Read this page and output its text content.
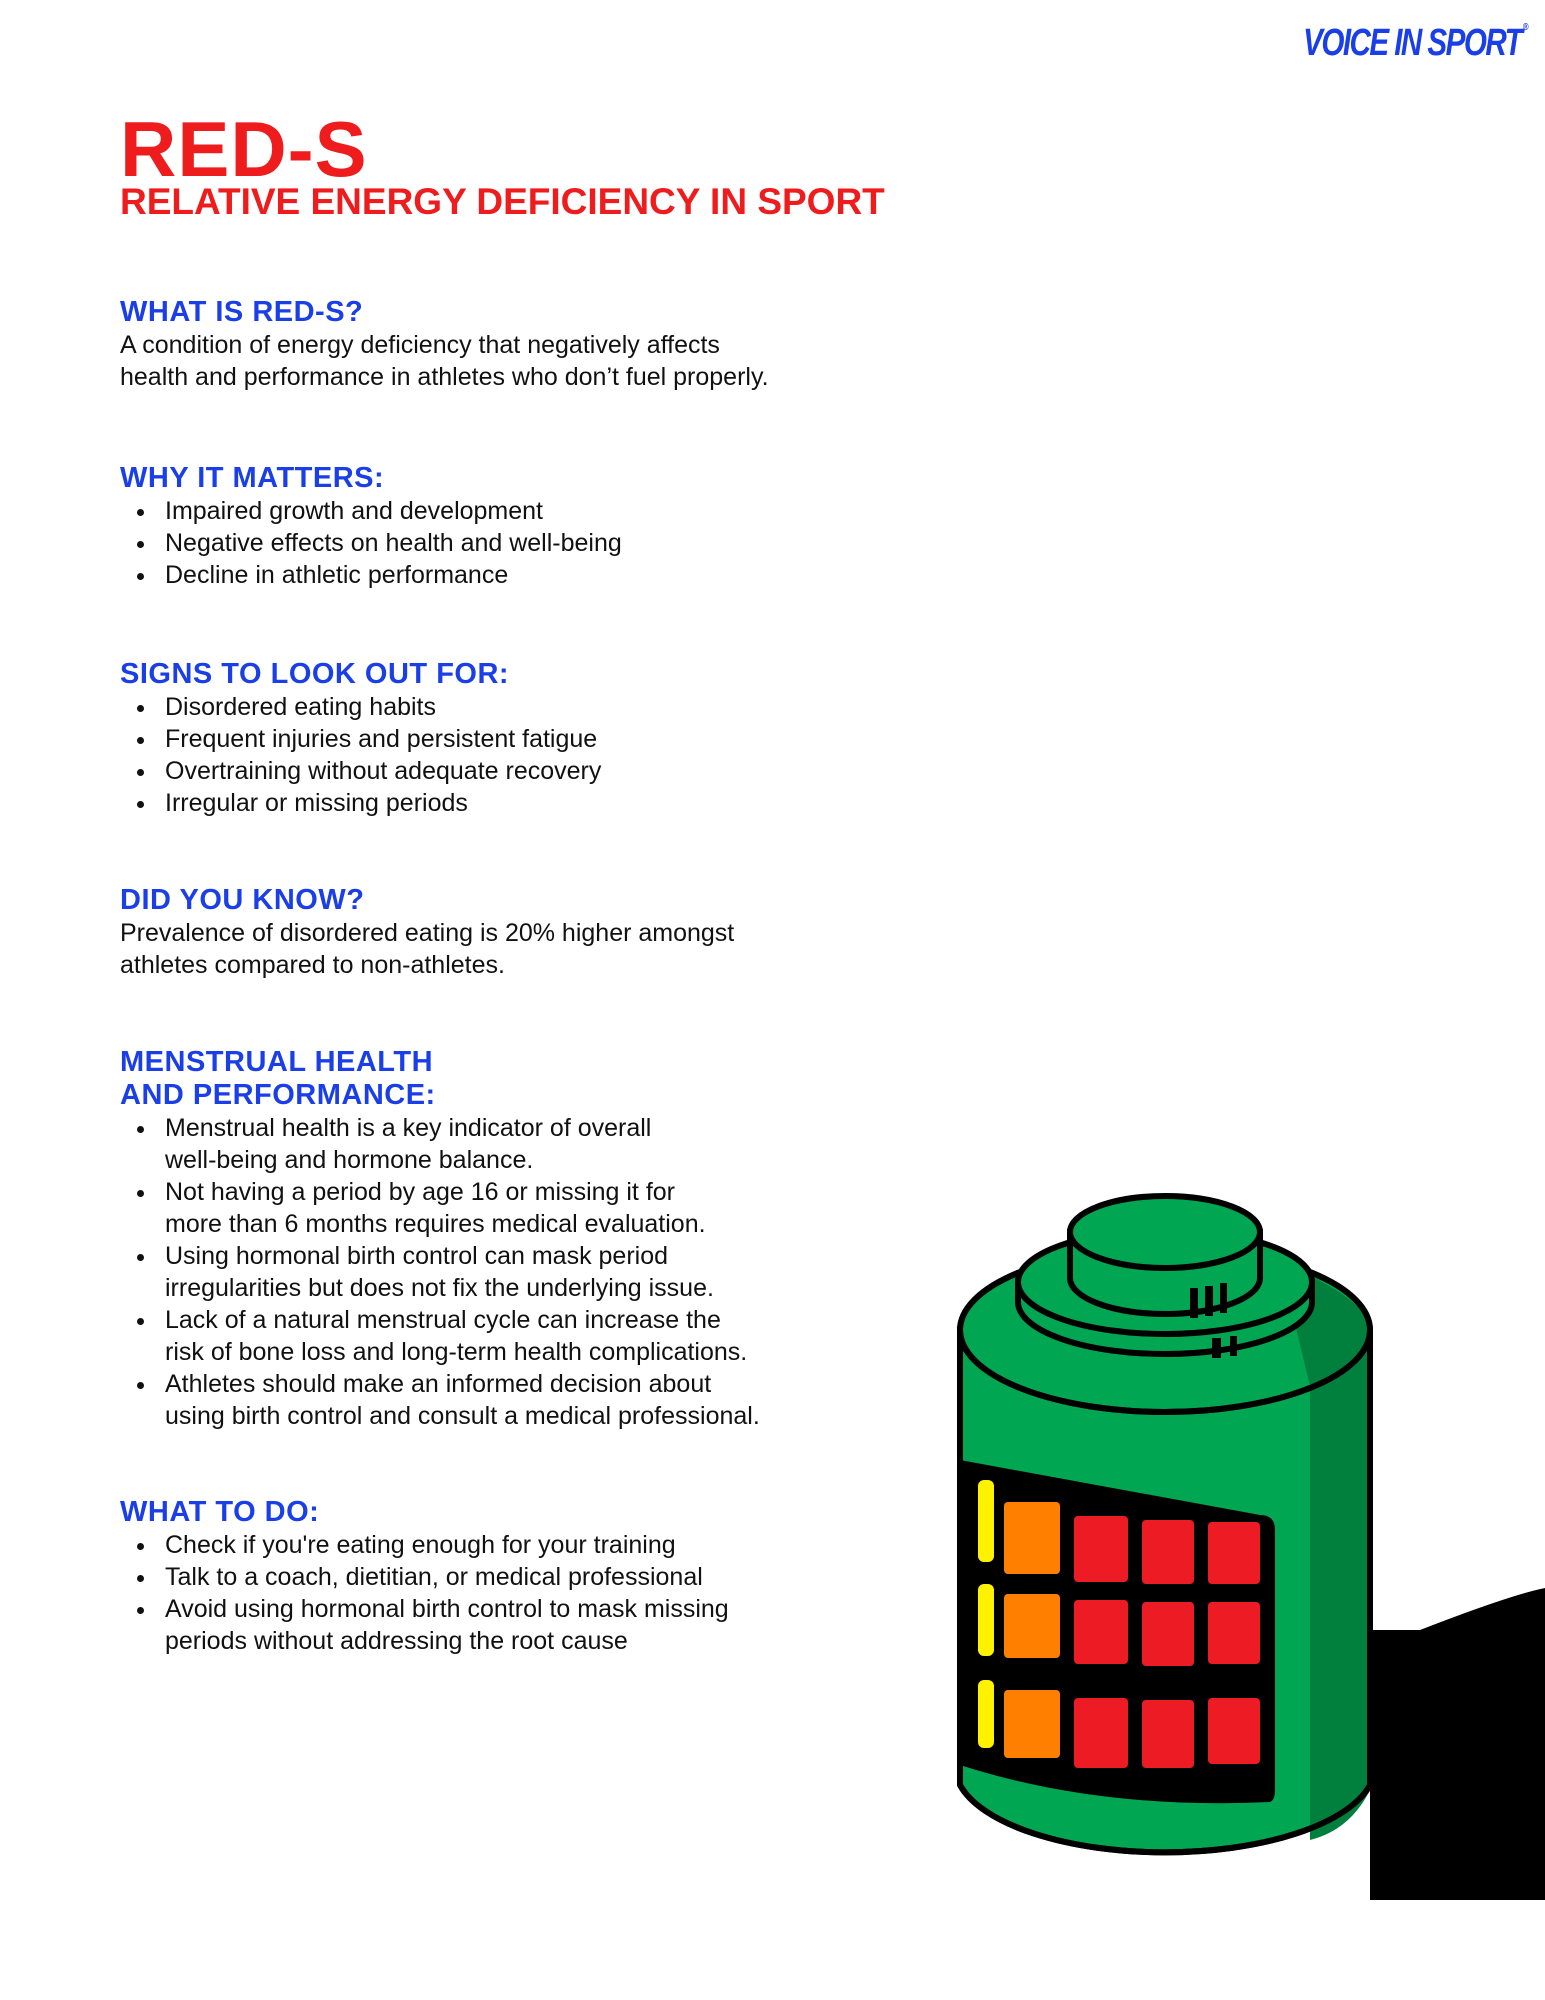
VOICE IN SPORT ®
RED-S
RELATIVE ENERGY DEFICIENCY IN SPORT
WHAT IS RED-S?

A condition of energy deficiency that negatively affects

health and performance in athletes who don’t fuel properly.

WHY IT MATTERS:
Impaired growth and development
Negative effects on health and well-being
Decline in athletic performance
SIGNS TO LOOK OUT FOR:
Disordered eating habits
Frequent injuries and persistent fatigue
Overtraining without adequate recovery
Irregular or missing periods
DID YOU KNOW?

Prevalence of disordered eating is 20% higher amongst

athletes compared to non-athletes.

MENSTRUAL HEALTH
AND PERFORMANCE:
Menstrual health is a key indicator of overall
well-being and hormone balance.
Not having a period by age 16 or missing it for
more than 6 months requires medical evaluation.
Using hormonal birth control can mask period
irregularities but does not fix the underlying issue.
Lack of a natural menstrual cycle can increase the
risk of bone loss and long-term health complications.
Athletes should make an informed decision about
using birth control and consult a medical professional.
WHAT TO DO:
Check if you're eating enough for your training
Talk to a coach, dietitian, or medical professional
Avoid using hormonal birth control to mask missing
periods without addressing the root cause
